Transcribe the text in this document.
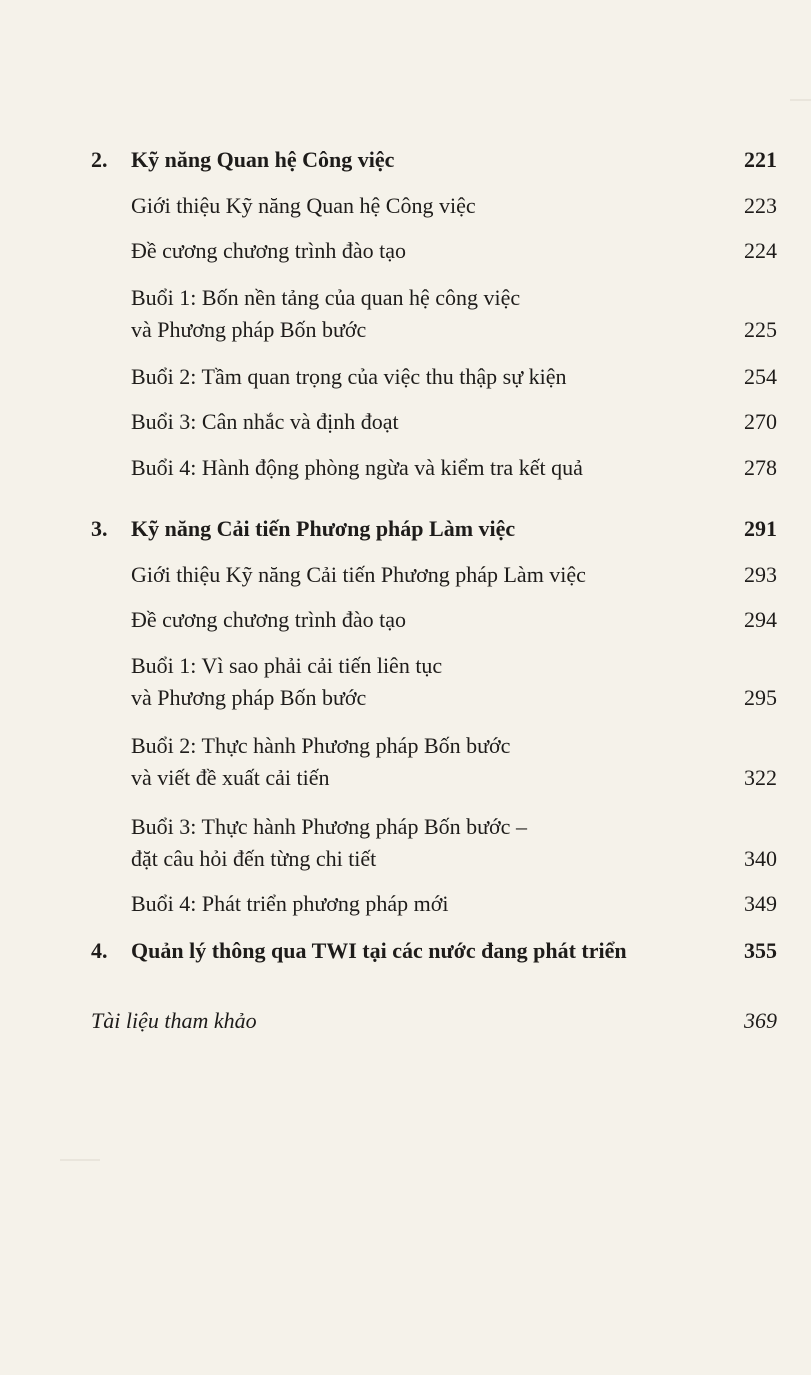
2. Kỹ năng Quan hệ Công việc	221
Giới thiệu Kỹ năng Quan hệ Công việc	223
Đề cương chương trình đào tạo	224
Buổi 1: Bốn nền tảng của quan hệ công việc
và Phương pháp Bốn bước	225
Buổi 2: Tầm quan trọng của việc thu thập sự kiện	254
Buổi 3: Cân nhắc và định đoạt	270
Buổi 4: Hành động phòng ngừa và kiểm tra kết quả	278
3. Kỹ năng Cải tiến Phương pháp Làm việc	291
Giới thiệu Kỹ năng Cải tiến Phương pháp Làm việc	293
Đề cương chương trình đào tạo	294
Buổi 1: Vì sao phải cải tiến liên tục
và Phương pháp Bốn bước	295
Buổi 2: Thực hành Phương pháp Bốn bước
và viết đề xuất cải tiến	322
Buổi 3: Thực hành Phương pháp Bốn bước –
đặt câu hỏi đến từng chi tiết	340
Buổi 4: Phát triển phương pháp mới	349
4. Quản lý thông qua TWI tại các nước đang phát triển	355
Tài liệu tham khảo	369
